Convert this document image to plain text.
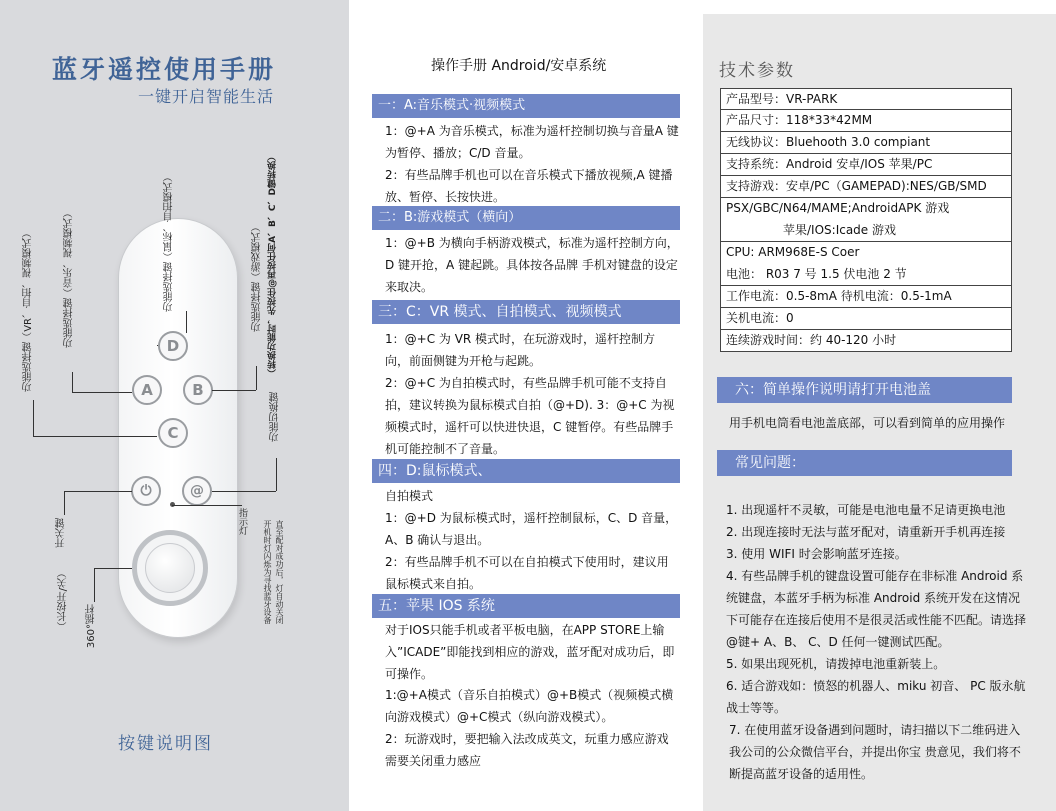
蓝牙遥控使用手册
一键开启智能生活
D
A	B
C
⏻	@
功能选择键（VR、自拍、视频模式）	功能选择键（音乐、视频模式）	功能选择键（鼠标、自拍模式）	功能选择键（游戏模式） （转换功能时，先按住@再按任何A、B、C、D键转换）
功能切换键
开关键
（长按开/关） 360°摇杆
指示灯 开机时灯闪烁为寻找蓝牙设备 直至配对成功后，灯自动关闭
按键说明图
操作手册 Android/安卓系统
一：A:音乐模式·视频模式
1：@+A 为音乐模式，标准为遥杆控制切换与音量A 键为暂停、播放；C/D 音量。
2：有些品牌手机也可以在音乐模式下播放视频,A 键播放、暂停、长按快进。
二：B:游戏模式（横向）
1：@+B 为横向手柄游戏模式，标准为遥杆控制方向，D 键开抢，A 键起跳。具体按各品牌 手机对键盘的设定来取决。
三：C：VR 模式、自拍模式、视频模式
1：@+C 为 VR 模式时，在玩游戏时，遥杆控制方向，前面侧键为开枪与起跳。
2：@+C 为自拍模式时，有些品牌手机可能不支持自拍，建议转换为鼠标模式自拍（@+D). 3：@+C 为视频模式时，遥杆可以快进快退，C 键暂停。有些品牌手机可能控制不了音量。
四：D:鼠标模式、
自拍模式
1：@+D 为鼠标模式时，遥杆控制鼠标，C、D 音量，A、B 确认与退出。
2：有些品牌手机不可以在自拍模式下使用时，建议用鼠标模式来自拍。
五：苹果 IOS 系统
对于IOS只能手机或者平板电脑，在APP STORE上输入”ICADE”即能找到相应的游戏，蓝牙配对成功后，即可操作。
1:@+A模式（音乐自拍模式）@+B模式（视频模式横向游戏模式）@+C模式（纵向游戏模式）。
2：玩游戏时，要把输入法改成英文，玩重力感应游戏需要关闭重力感应
技术参数
产品型号：VR-PARK
产品尺寸：118*33*42MM
无线协议：Bluehooth 3.0 compiant
支持系统：Android 安卓/IOS 苹果/PC
支持游戏：安卓/PC（GAMEPAD):NES/GB/SMD
PSX/GBC/N64/MAME;AndroidAPK 游戏
苹果/IOS:Icade 游戏
CPU: ARM968E-S Coer
电池： R03 7 号 1.5 伏电池 2 节
工作电流：0.5-8mA 待机电流：0.5-1mA
关机电流：0
连续游戏时间：约 40-120 小时
六：简单操作说明请打开电池盖
用手机电筒看电池盖底部，可以看到简单的应用操作
常见问题：
1. 出现遥杆不灵敏，可能是电池电量不足请更换电池
2. 出现连接时无法与蓝牙配对，请重新开手机再连接
3. 使用 WIFI 时会影响蓝牙连接。
4. 有些品牌手机的键盘设置可能存在非标准 Android 系统键盘，本蓝牙手柄为标准 Android 系统开发在这情况下可能存在连接后使用不是很灵活或性能不匹配。请选择@键+ A、B、 C、D 任何一键测试匹配。
5. 如果出现死机，请拨掉电池重新装上。
6. 适合游戏如：愤怒的机器人、miku 初音、 PC 版永航战士等等。
7. 在使用蓝牙设备遇到问题时，请扫描以下二维码进入我公司的公众微信平台，并提出你宝 贵意见，我们将不断提高蓝牙设备的适用性。
